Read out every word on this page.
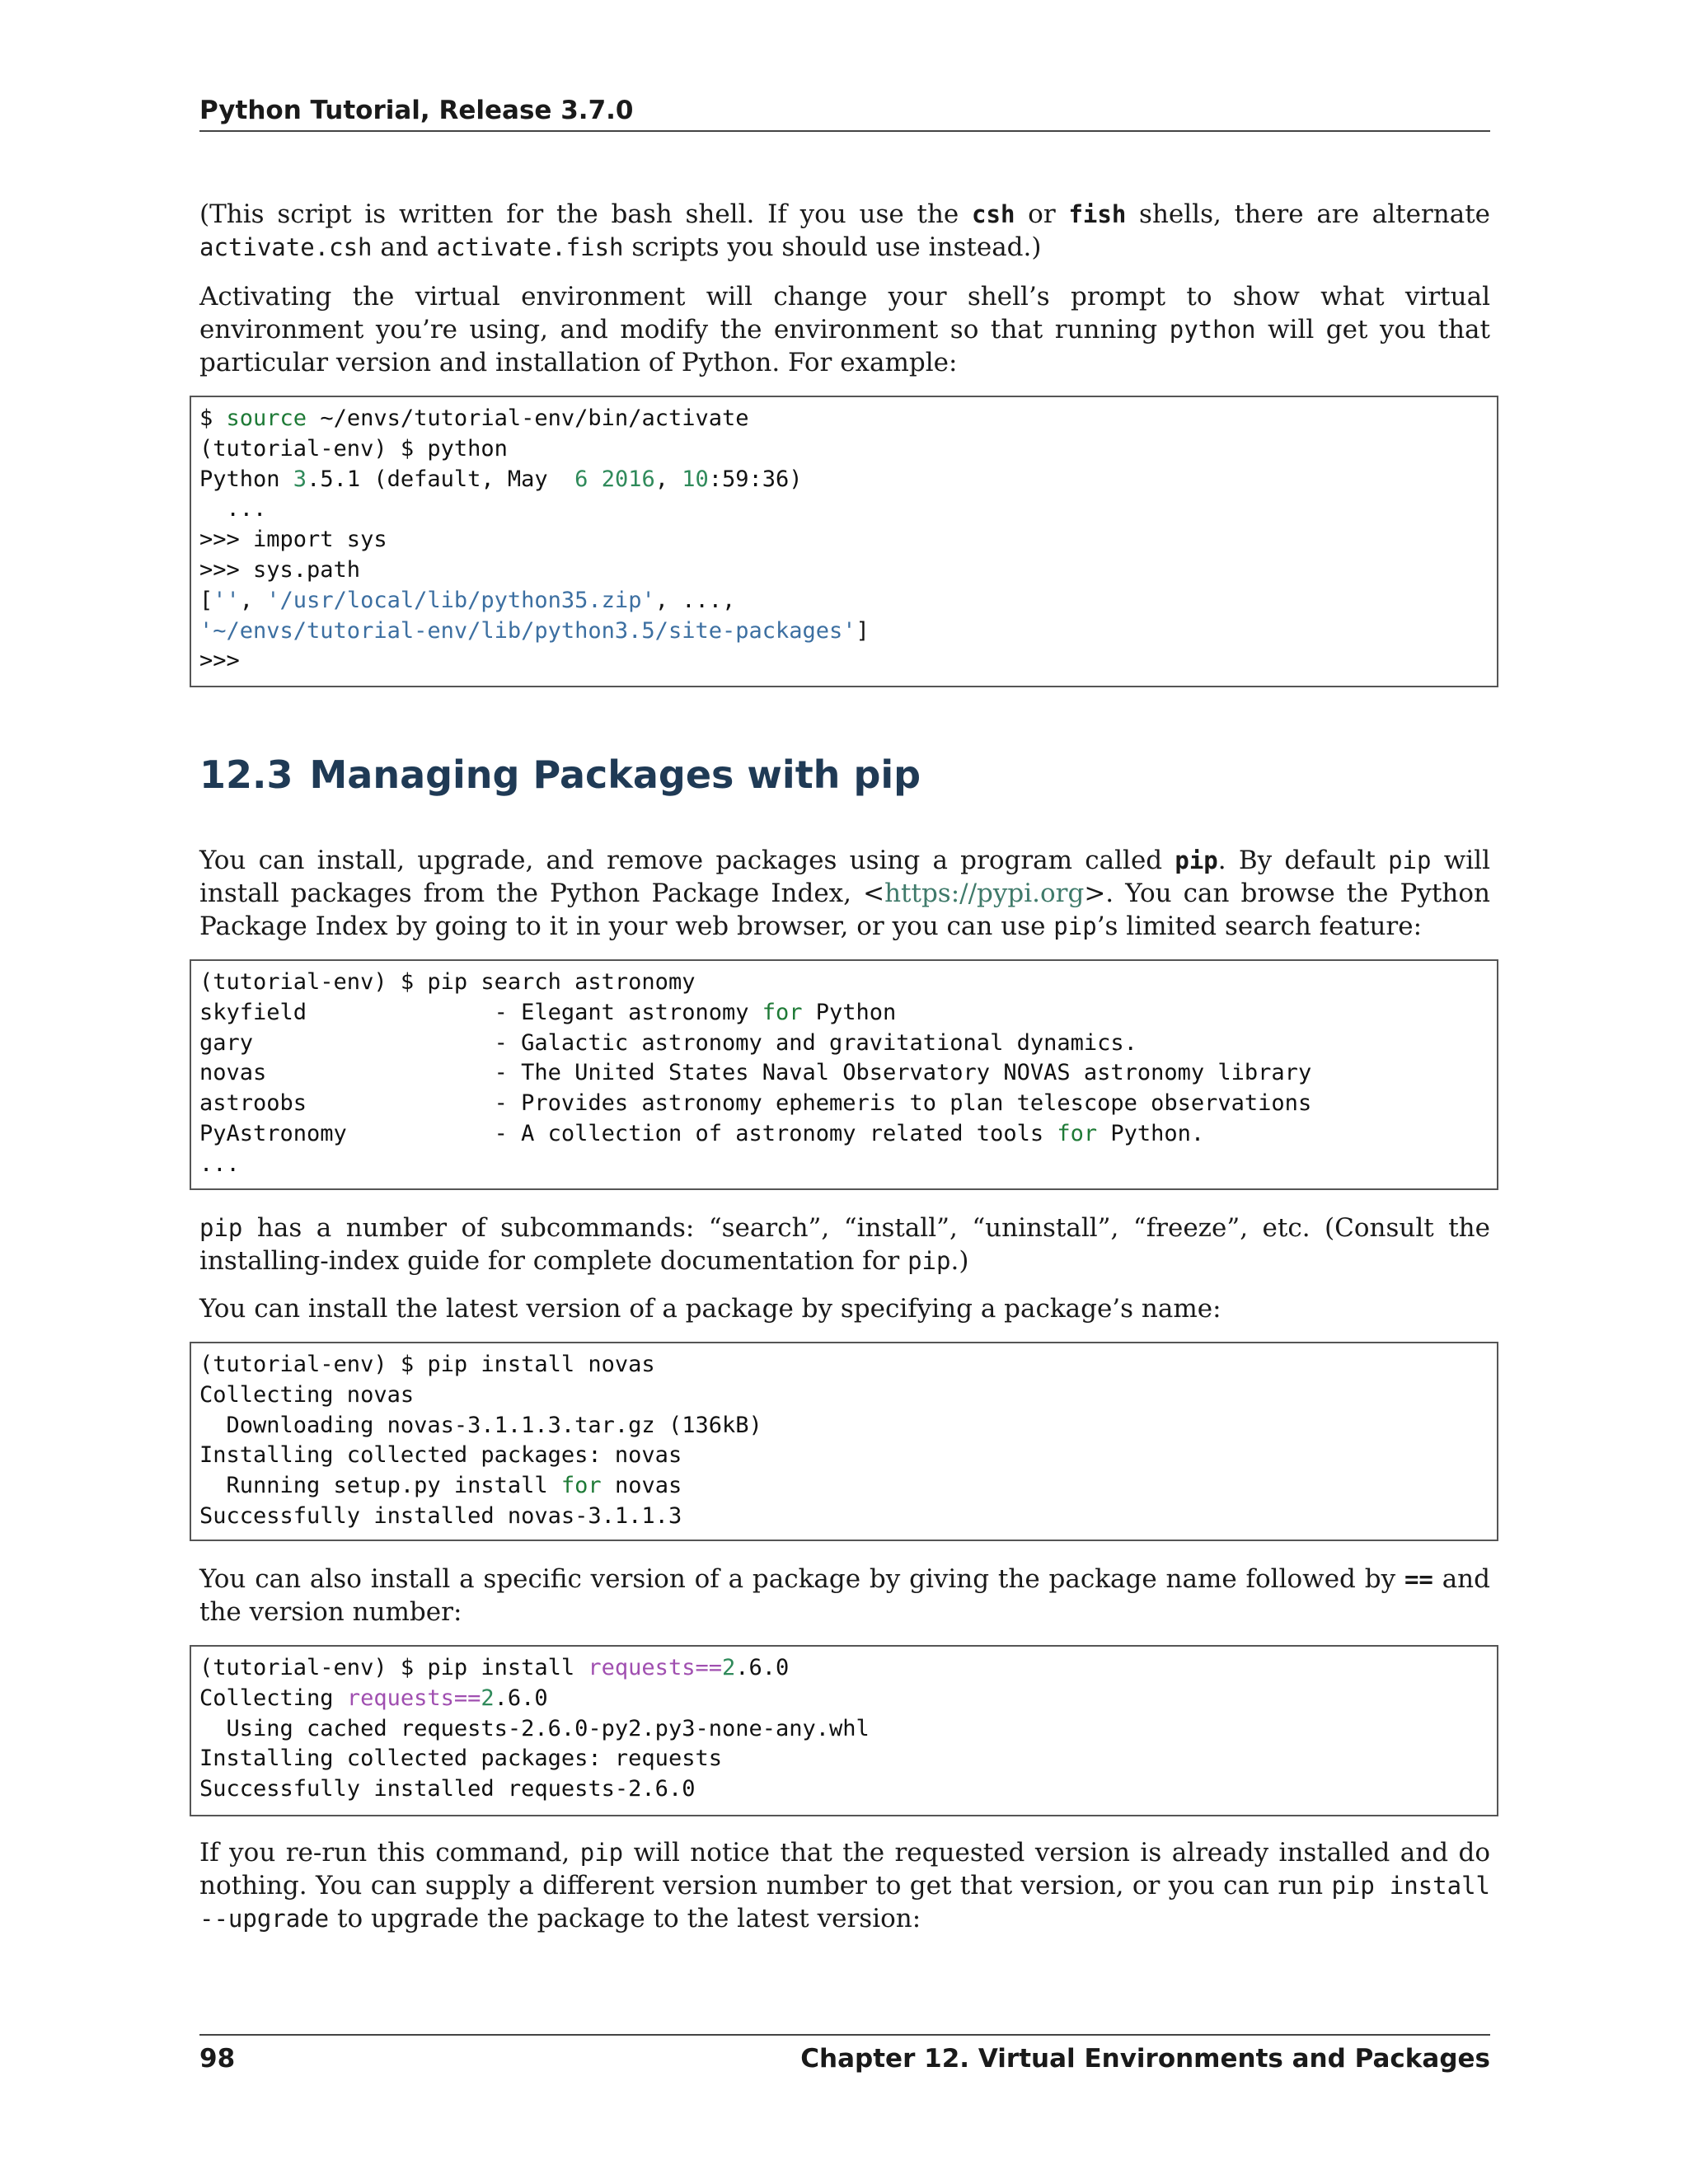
Python Tutorial, Release 3.7.0
(This script is written for the bash shell. If you use the csh or fish shells, there are alternate activate.csh and activate.fish scripts you should use instead.)
Activating the virtual environment will change your shell’s prompt to show what virtual environment you’re using, and modify the environment so that running python will get you that particular version and installation of Python. For example:
$ source ~/envs/tutorial-env/bin/activate
(tutorial-env) $ python
Python 3.5.1 (default, May  6 2016, 10:59:36)
...
>>> import sys
>>> sys.path
['', '/usr/local/lib/python35.zip', ...,
'~/envs/tutorial-env/lib/python3.5/site-packages']
>>>
12.3 Managing Packages with pip
You can install, upgrade, and remove packages using a program called pip. By default pip will install packages from the Python Package Index, <https://pypi.org>. You can browse the Python Package Index by going to it in your web browser, or you can use pip’s limited search feature:
(tutorial-env) $ pip search astronomy
skyfield              - Elegant astronomy for Python
gary                  - Galactic astronomy and gravitational dynamics.
novas                 - The United States Naval Observatory NOVAS astronomy library
astroobs              - Provides astronomy ephemeris to plan telescope observations
PyAstronomy           - A collection of astronomy related tools for Python.
...
pip has a number of subcommands: “search”, “install”, “uninstall”, “freeze”, etc. (Consult the installing-index guide for complete documentation for pip.)
You can install the latest version of a package by specifying a package’s name:
(tutorial-env) $ pip install novas
Collecting novas
Downloading novas-3.1.1.3.tar.gz (136kB)
Installing collected packages: novas
Running setup.py install for novas
Successfully installed novas-3.1.1.3
You can also install a specific version of a package by giving the package name followed by == and the version number:
(tutorial-env) $ pip install requests==2.6.0
Collecting requests==2.6.0
Using cached requests-2.6.0-py2.py3-none-any.whl
Installing collected packages: requests
Successfully installed requests-2.6.0
If you re-run this command, pip will notice that the requested version is already installed and do nothing. You can supply a different version number to get that version, or you can run pip install --upgrade to upgrade the package to the latest version:
98	Chapter 12. Virtual Environments and Packages
